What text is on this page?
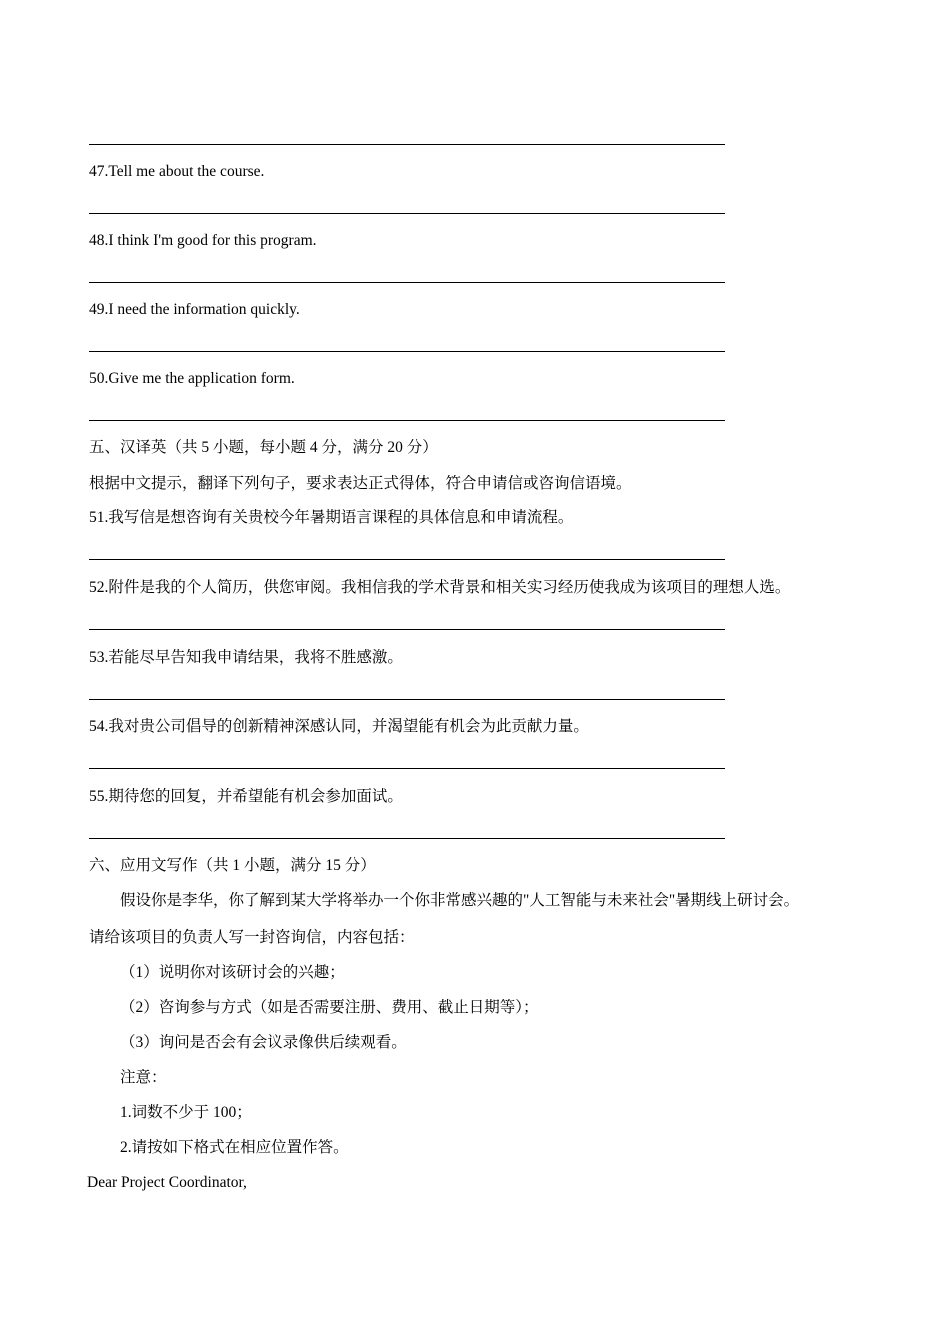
47.Tell me about the course.
48.I think I'm good for this program.
49.I need the information quickly.
50.Give me the application form.
五、汉译英（共 5 小题，每小题 4 分，满分 20 分）
根据中文提示，翻译下列句子，要求表达正式得体，符合申请信或咨询信语境。
51.我写信是想咨询有关贵校今年暑期语言课程的具体信息和申请流程。
52.附件是我的个人简历，供您审阅。我相信我的学术背景和相关实习经历使我成为该项目的理想人选。
53.若能尽早告知我申请结果，我将不胜感激。
54.我对贵公司倡导的创新精神深感认同，并渴望能有机会为此贡献力量。
55.期待您的回复，并希望能有机会参加面试。
六、应用文写作（共 1 小题，满分 15 分）
假设你是李华，你了解到某大学将举办一个你非常感兴趣的"人工智能与未来社会"暑期线上研讨会。
请给该项目的负责人写一封咨询信，内容包括：
（1）说明你对该研讨会的兴趣；
（2）咨询参与方式（如是否需要注册、费用、截止日期等）；
（3）询问是否会有会议录像供后续观看。
注意：
1.词数不少于 100；
2.请按如下格式在相应位置作答。
Dear Project Coordinator,
